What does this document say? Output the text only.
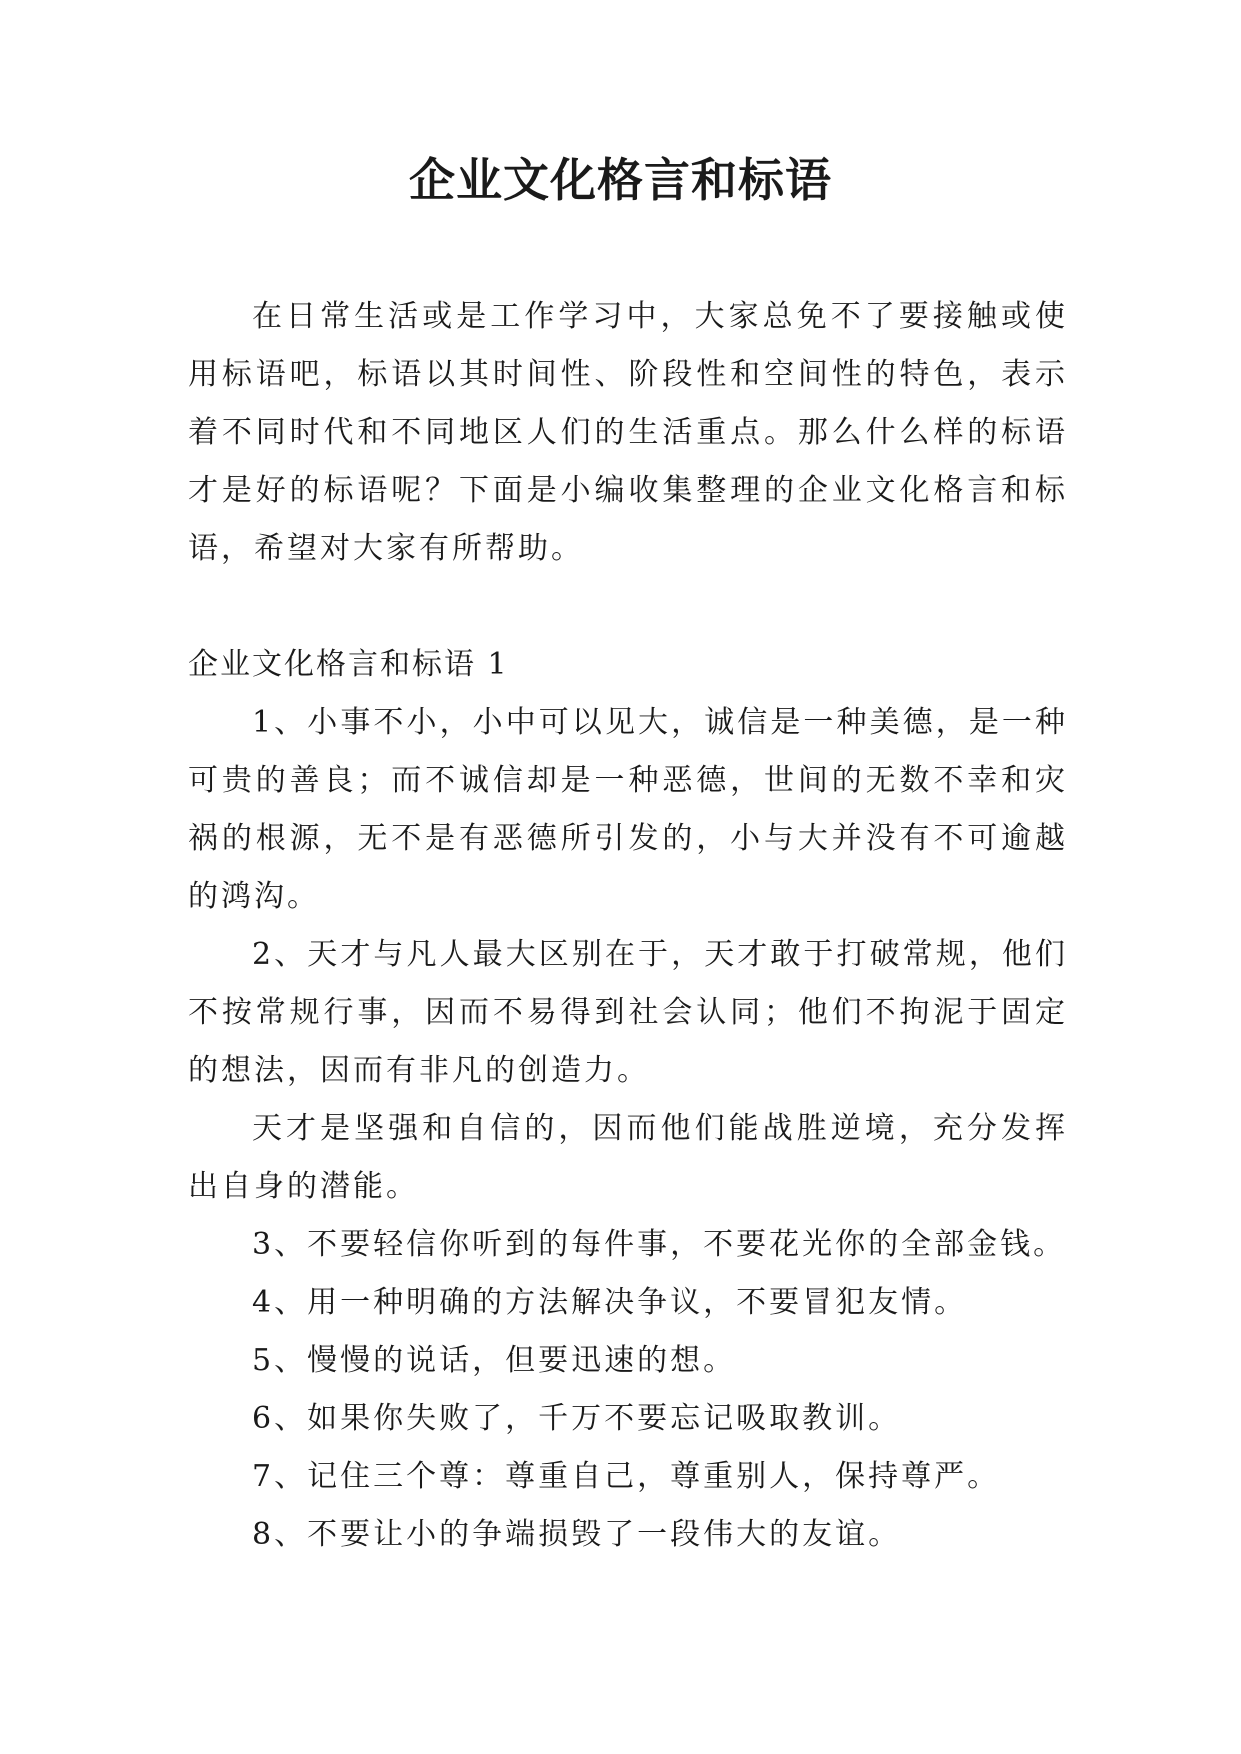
企业文化格言和标语

在日常生活或是工作学习中，大家总免不了要接触或使用标语吧，标语以其时间性、阶段性和空间性的特色，表示着不同时代和不同地区人们的生活重点。那么什么样的标语才是好的标语呢？下面是小编收集整理的企业文化格言和标语，希望对大家有所帮助。

企业文化格言和标语 1

1、小事不小，小中可以见大，诚信是一种美德，是一种可贵的善良；而不诚信却是一种恶德，世间的无数不幸和灾祸的根源，无不是有恶德所引发的，小与大并没有不可逾越的鸿沟。

2、天才与凡人最大区别在于，天才敢于打破常规，他们不按常规行事，因而不易得到社会认同；他们不拘泥于固定的想法，因而有非凡的创造力。

天才是坚强和自信的，因而他们能战胜逆境，充分发挥出自身的潜能。

3、不要轻信你听到的每件事，不要花光你的全部金钱。

4、用一种明确的方法解决争议，不要冒犯友情。

5、慢慢的说话，但要迅速的想。

6、如果你失败了，千万不要忘记吸取教训。

7、记住三个尊：尊重自己，尊重别人，保持尊严。

8、不要让小的争端损毁了一段伟大的友谊。
